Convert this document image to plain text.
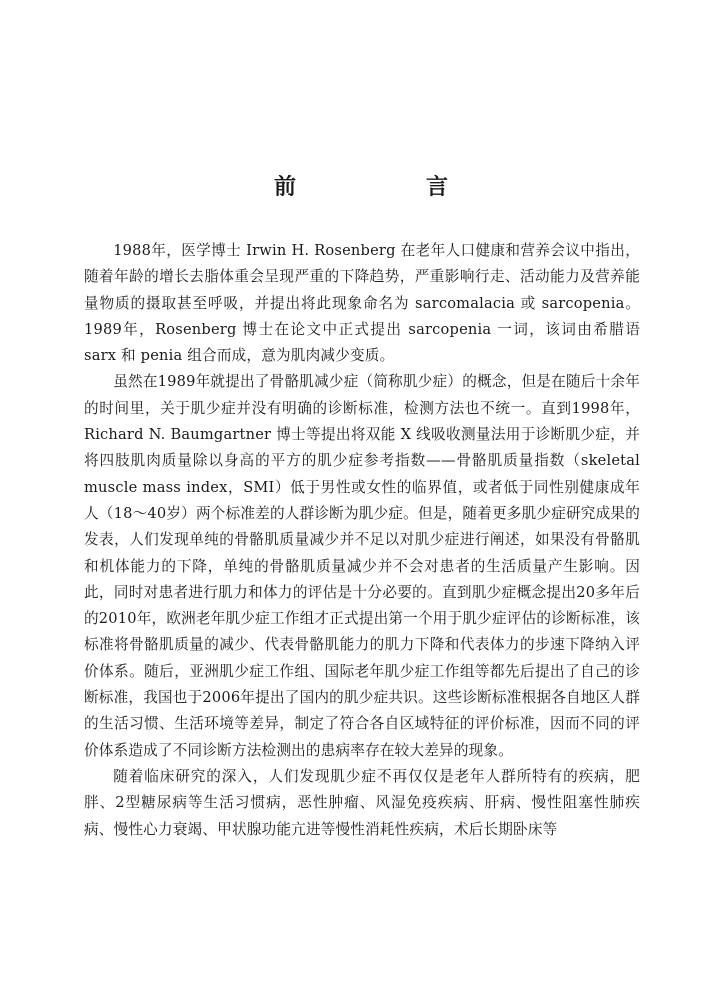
前　言

1988年，医学博士 Irwin H. Rosenberg 在老年人口健康和营养会议中指出，随着年龄的增长去脂体重会呈现严重的下降趋势，严重影响行走、活动能力及营养能量物质的摄取甚至呼吸，并提出将此现象命名为 sarcomalacia 或 sarcopenia。1989年，Rosenberg 博士在论文中正式提出 sarcopenia 一词，该词由希腊语 sarx 和 penia 组合而成，意为肌肉减少变质。

虽然在1989年就提出了骨骼肌减少症（简称肌少症）的概念，但是在随后十余年的时间里，关于肌少症并没有明确的诊断标准，检测方法也不统一。直到1998年，Richard N. Baumgartner 博士等提出将双能 X 线吸收测量法用于诊断肌少症，并将四肢肌肉质量除以身高的平方的肌少症参考指数——骨骼肌质量指数（skeletal muscle mass index，SMI）低于男性或女性的临界值，或者低于同性别健康成年人（18～40岁）两个标准差的人群诊断为肌少症。但是，随着更多肌少症研究成果的发表，人们发现单纯的骨骼肌质量减少并不足以对肌少症进行阐述，如果没有骨骼肌和机体能力的下降，单纯的骨骼肌质量减少并不会对患者的生活质量产生影响。因此，同时对患者进行肌力和体力的评估是十分必要的。直到肌少症概念提出20多年后的2010年，欧洲老年肌少症工作组才正式提出第一个用于肌少症评估的诊断标准，该标准将骨骼肌质量的减少、代表骨骼肌能力的肌力下降和代表体力的步速下降纳入评价体系。随后，亚洲肌少症工作组、国际老年肌少症工作组等都先后提出了自己的诊断标准，我国也于2006年提出了国内的肌少症共识。这些诊断标准根据各自地区人群的生活习惯、生活环境等差异，制定了符合各自区域特征的评价标准，因而不同的评价体系造成了不同诊断方法检测出的患病率存在较大差异的现象。

随着临床研究的深入，人们发现肌少症不再仅仅是老年人群所特有的疾病，肥胖、2型糖尿病等生活习惯病，恶性肿瘤、风湿免疫疾病、肝病、慢性阻塞性肺疾病、慢性心力衰竭、甲状腺功能亢进等慢性消耗性疾病，术后长期卧床等
